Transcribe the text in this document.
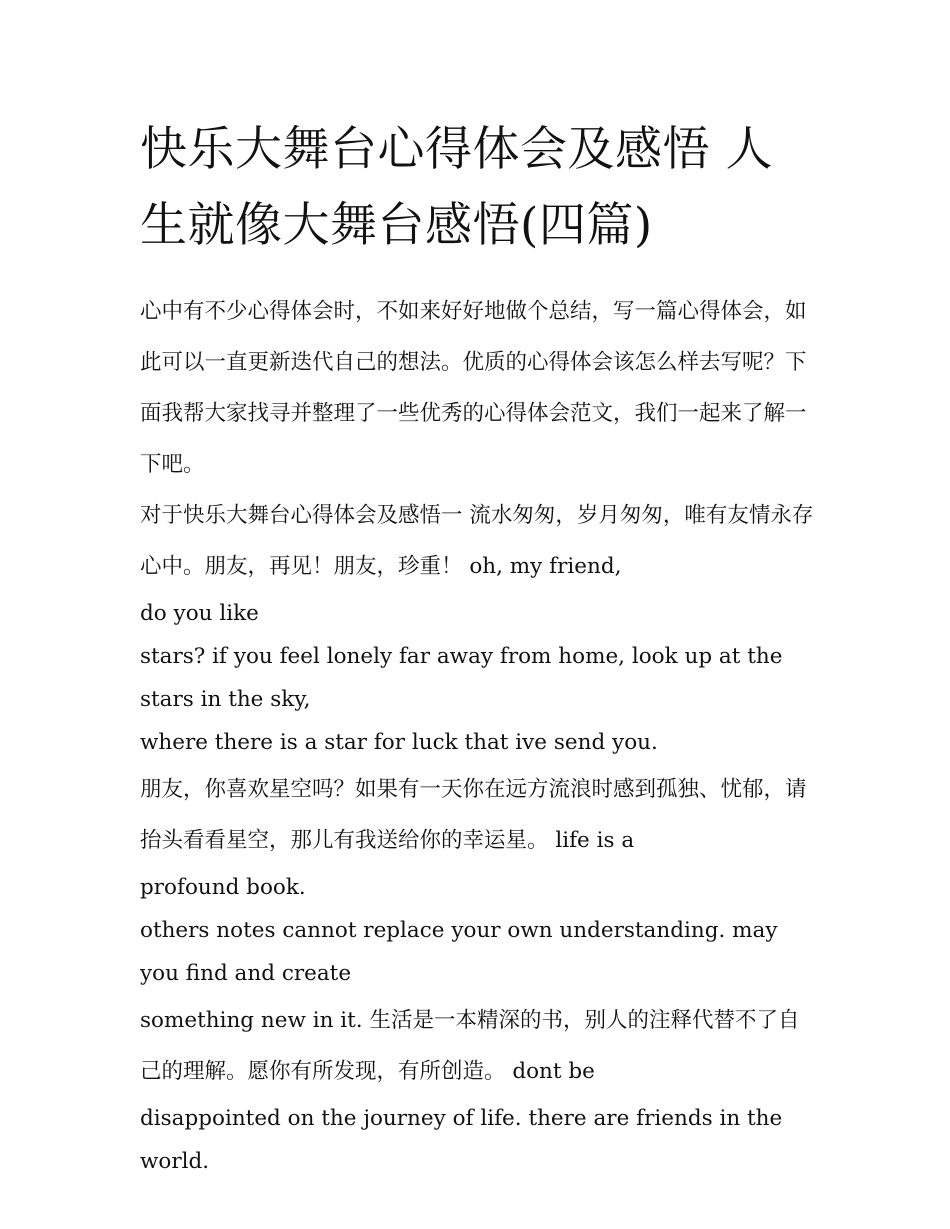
快乐大舞台心得体会及感悟 人生就像大舞台感悟(四篇)

心中有不少心得体会时，不如来好好地做个总结，写一篇心得体会，如此可以一直更新迭代自己的想法。优质的心得体会该怎么样去写呢？下面我帮大家找寻并整理了一些优秀的心得体会范文，我们一起来了解一下吧。

对于快乐大舞台心得体会及感悟一 流水匆匆，岁月匆匆，唯有友情永存心中。朋友，再见！朋友，珍重！ oh, my friend,

do you like

stars? if you feel lonely far away from home, look up at the stars in the sky,

where there is a star for luck that ive send you.

朋友，你喜欢星空吗？如果有一天你在远方流浪时感到孤独、忧郁，请抬头看看星空，那儿有我送给你的幸运星。 life is a

profound book.

others notes cannot replace your own understanding. may you find and create

something new in it. 生活是一本精深的书，别人的注释代替不了自己的理解。愿你有所发现，有所创造。 dont be

disappointed on the journey of life. there are friends in the world.
